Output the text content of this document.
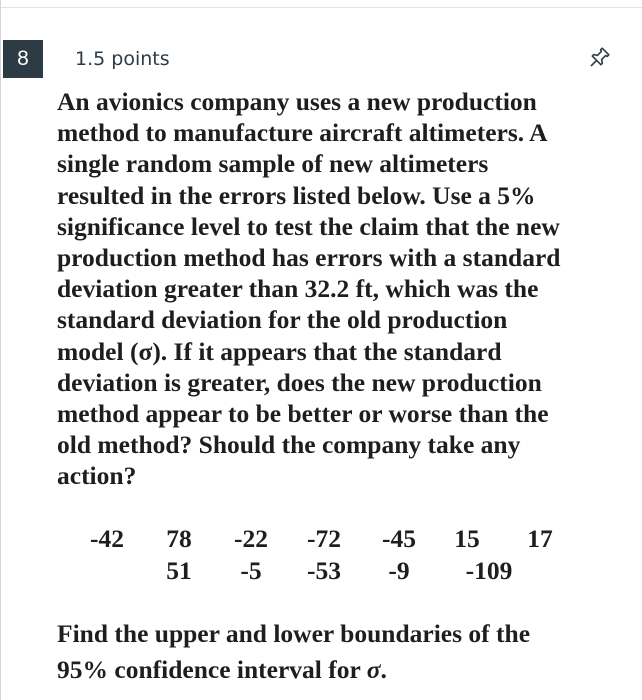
8	1.5 points
An avionics company uses a new production
method to manufacture aircraft altimeters. A
single random sample of new altimeters
resulted in the errors listed below. Use a 5%
significance level to test the claim that the new
production method has errors with a standard
deviation greater than 32.2 ft, which was the
standard deviation for the old production
model (σ). If it appears that the standard
deviation is greater, does the new production
method appear to be better or worse than the
old method? Should the company take any
action?
-42 78 -22 -72 -45 15 17
51 -5 -53 -9 -109
Find the upper and lower boundaries of the
95% confidence interval for σ.
